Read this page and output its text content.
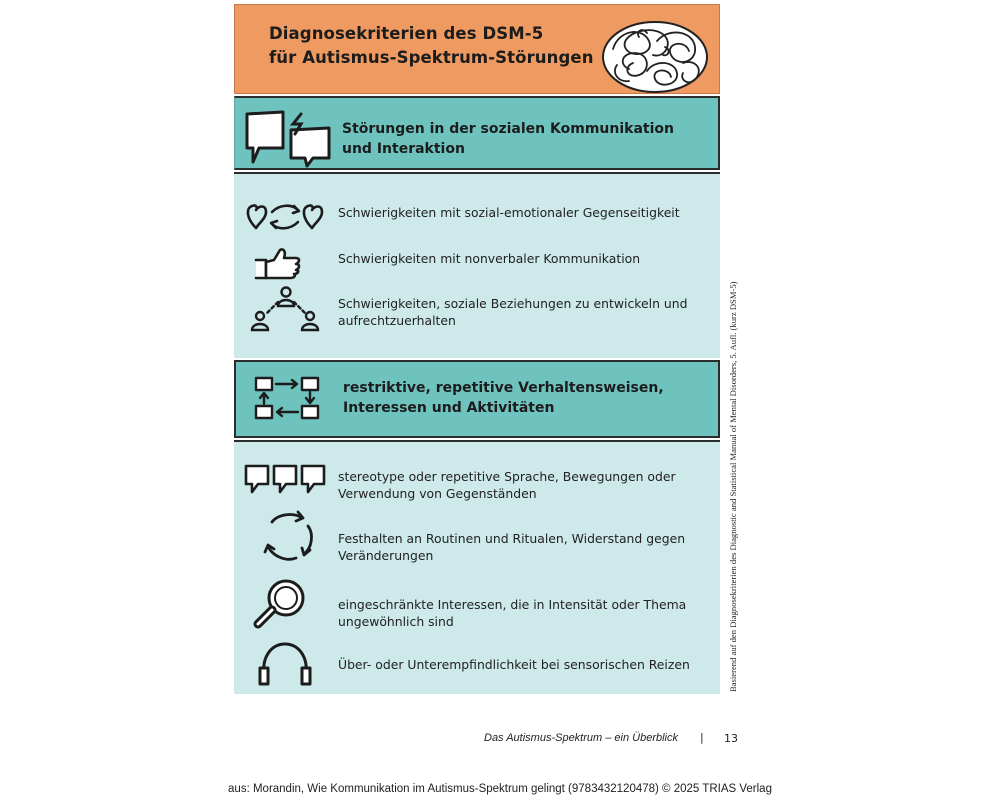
Diagnosekriterien des DSM-5
für Autismus-Spektrum-Störungen
Störungen in der sozialen Kommunikation
und Interaktion
Schwierigkeiten mit sozial-emotionaler Gegenseitigkeit
Schwierigkeiten mit nonverbaler Kommunikation
Schwierigkeiten, soziale Beziehungen zu entwickeln und
aufrechtzuerhalten
restriktive, repetitive Verhaltensweisen,
Interessen und Aktivitäten
stereotype oder repetitive Sprache, Bewegungen oder
Verwendung von Gegenständen
Festhalten an Routinen und Ritualen, Widerstand gegen
Veränderungen
eingeschränkte Interessen, die in Intensität oder Thema
ungewöhnlich sind
Über- oder Unterempfindlichkeit bei sensorischen Reizen	Basierend auf den Diagnosekriterien des Diagnostic and Statistical Manual of Mental Disorders, 5. Aufl. (kurz DSM-5)
Das Autismus-Spektrum – ein Überblick | 13
aus: Morandin, Wie Kommunikation im Autismus-Spektrum gelingt (9783432120478) © 2025 TRIAS Verlag
